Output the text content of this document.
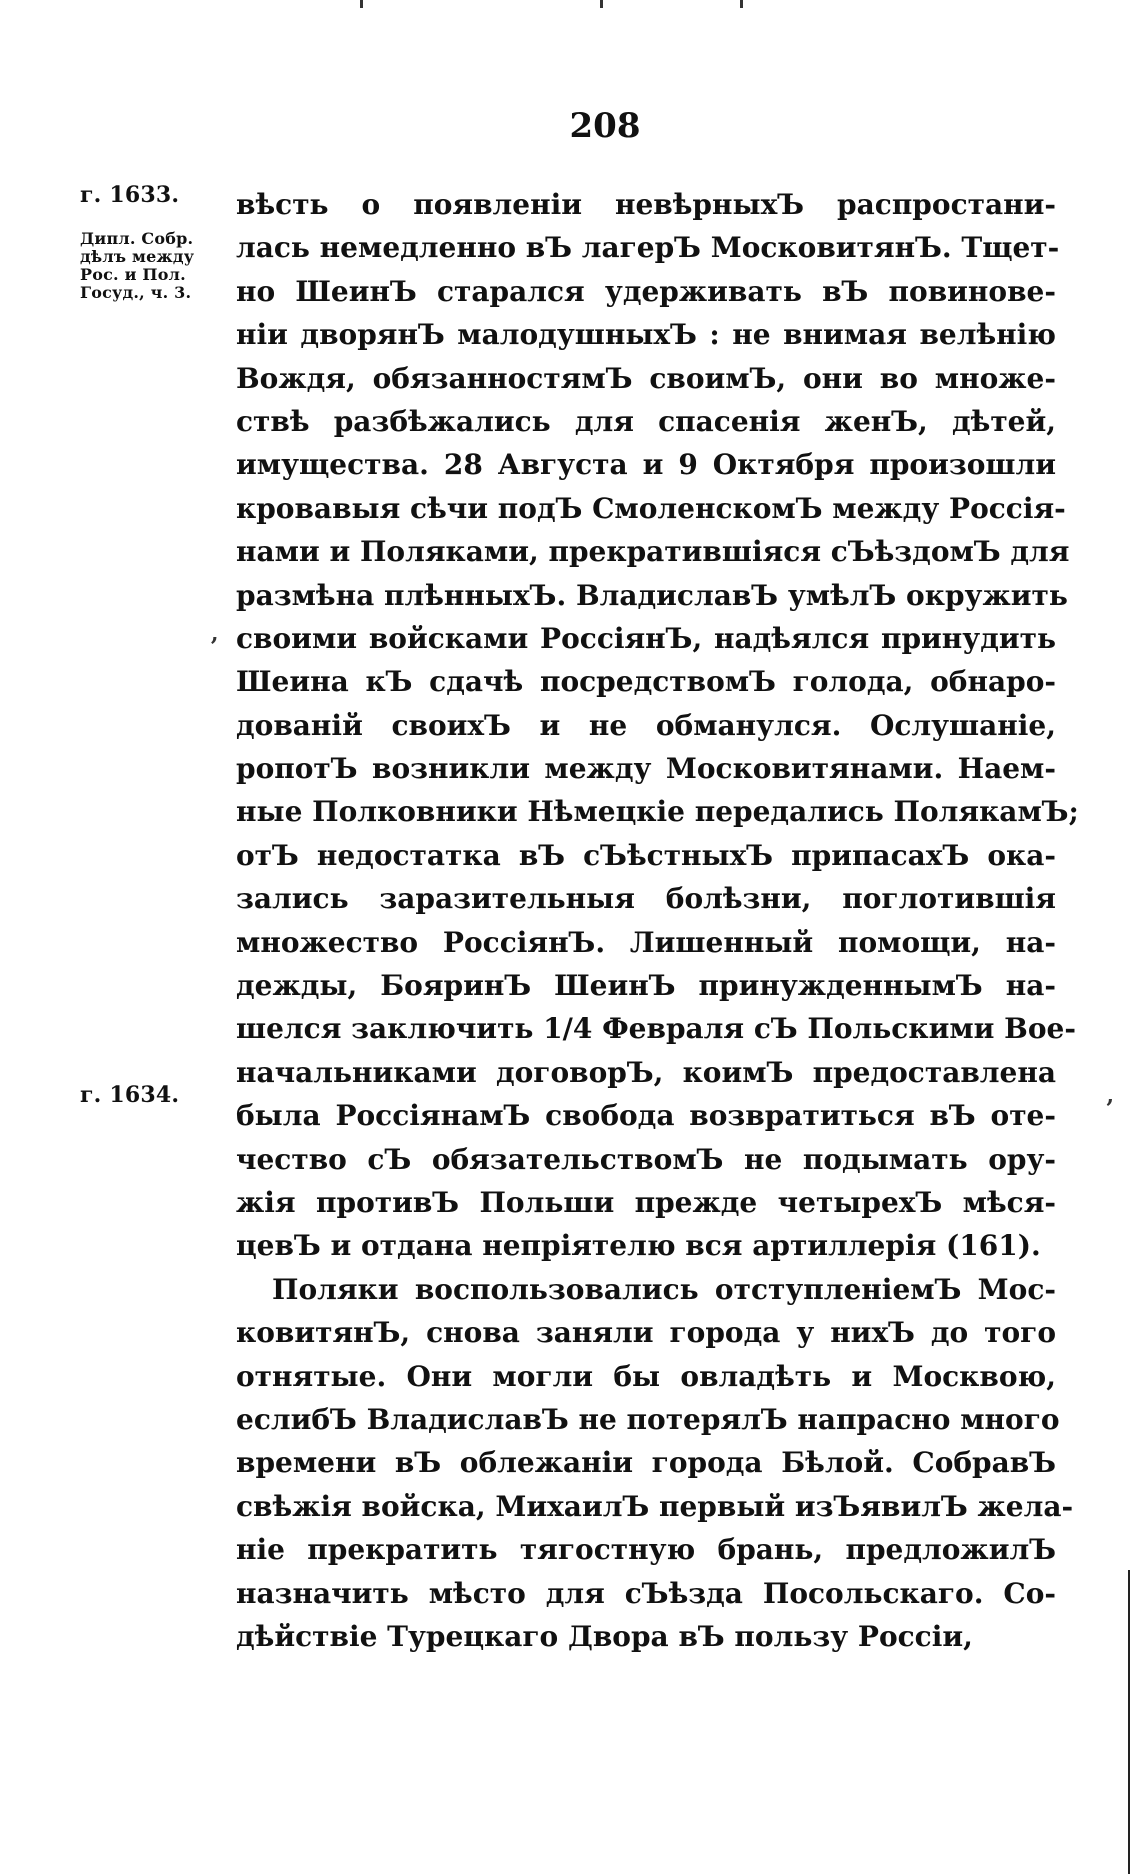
208
г. 1633.
Дипл. Собр.
дѣлъ между
Рос. и Пол.
Госуд., ч. 3.
г. 1634.
вѣсть о появленіи невѣрныхЪ распростани-
лась немедленно вЪ лагерЪ МосковитянЪ. Тщет-
но ШеинЪ старался удерживать вЪ повинове-
ніи дворянЪ малодушныхЪ : не внимая велѣнію
Вождя, обязанностямЪ своимЪ, они во множе-
ствѣ разбѣжались для спасенія женЪ, дѣтей,
имущества. 28 Августа и 9 Октября произошли
кровавыя сѣчи подЪ СмоленскомЪ между Россія-
нами и Поляками, прекратившіяся сЪѣздомЪ для
размѣна плѣнныхЪ. ВладиславЪ умѣлЪ окружить
своими войсками РоссіянЪ, надѣялся принудить
Шеина кЪ сдачѣ посредствомЪ голода, обнаро-
дованій своихЪ и не обманулся. Ослушаніе,
ропотЪ возникли между Московитянами. Наем-
ные Полковники Нѣмецкіе передались ПолякамЪ;
отЪ недостатка вЪ сЪѣстныхЪ припасахЪ ока-
зались заразительныя болѣзни, поглотившія
множество РоссіянЪ. Лишенный помощи, на-
дежды, БояринЪ ШеинЪ принужденнымЪ на-
шелся заключить 1/4 Февраля сЪ Польскими Вое-
начальниками договорЪ, коимЪ предоставлена
была РоссіянамЪ свобода возвратиться вЪ оте-
чество сЪ обязательствомЪ не подымать ору-
жія противЪ Польши прежде четырехЪ мѣся-
цевЪ и отдана непріятелю вся артиллерія (161).
Поляки воспользовались отступленіемЪ Мос-
ковитянЪ, снова заняли города у нихЪ до того
отнятые. Они могли бы овладѣть и Москвою,
еслибЪ ВладиславЪ не потерялЪ напрасно много
времени вЪ облежаніи города Бѣлой. СобравЪ
свѣжія войска, МихаилЪ первый изЪявилЪ жела-
ніе прекратить тягостную брань, предложилЪ
назначить мѣсто для сЪѣзда Посольскаго. Со-
дѣйствіе Турецкаго Двора вЪ пользу Россіи,
’
‚
